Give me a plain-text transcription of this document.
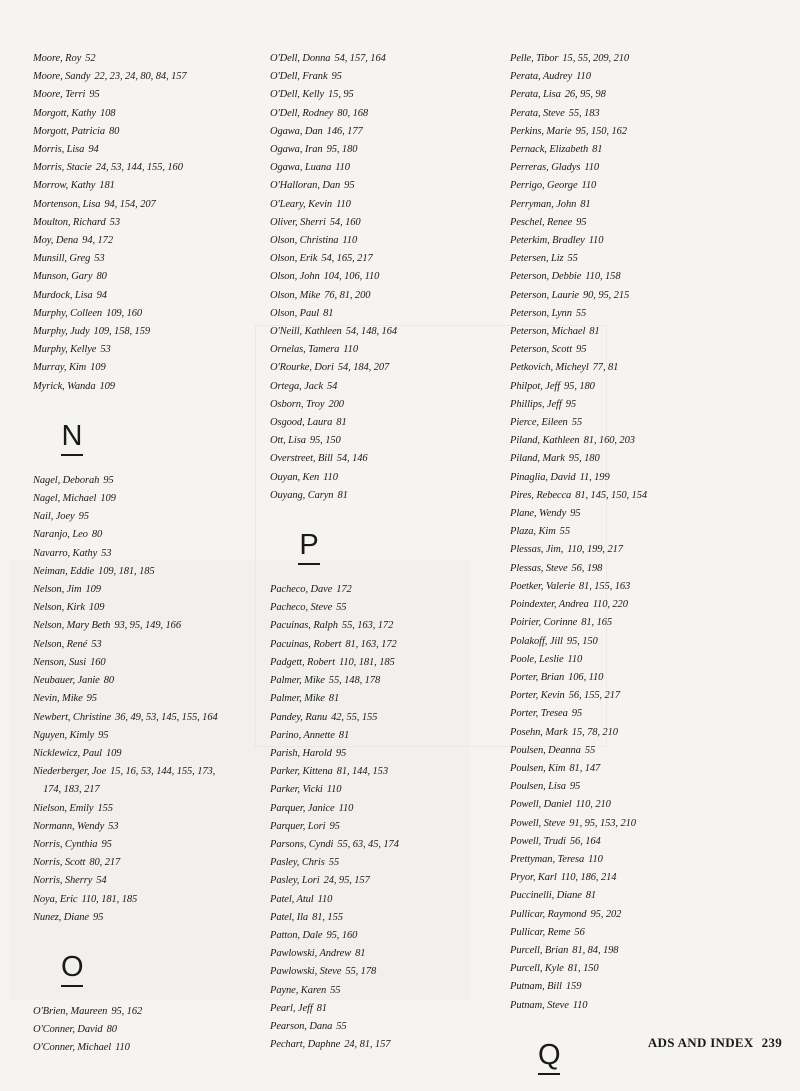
Moore, Roy 52
Moore, Sandy 22, 23, 24, 80, 84, 157
Moore, Terri 95
Morgott, Kathy 108
Morgott, Patricia 80
Morris, Lisa 94
Morris, Stacie 24, 53, 144, 155, 160
Morrow, Kathy 181
Mortenson, Lisa 94, 154, 207
Moulton, Richard 53
Moy, Dena 94, 172
Munsill, Greg 53
Munson, Gary 80
Murdock, Lisa 94
Murphy, Colleen 109, 160
Murphy, Judy 109, 158, 159
Murphy, Kellye 53
Murray, Kim 109
Myrick, Wanda 109
N
Nagel, Deborah 95
Nagel, Michael 109
Nail, Joey 95
Naranjo, Leo 80
Navarro, Kathy 53
Neiman, Eddie 109, 181, 185
Nelson, Jim 109
Nelson, Kirk 109
Nelson, Mary Beth 93, 95, 149, 166
Nelson, René 53
Nenson, Susi 160
Neubauer, Janie 80
Nevin, Mike 95
Newbert, Christine 36, 49, 53, 145, 155, 164
Nguyen, Kimly 95
Nicklewicz, Paul 109
Niederberger, Joe 15, 16, 53, 144, 155, 173,
174, 183, 217
Nielson, Emily 155
Normann, Wendy 53
Norris, Cynthia 95
Norris, Scott 80, 217
Norris, Sherry 54
Noya, Eric 110, 181, 185
Nunez, Diane 95
O
O'Brien, Maureen 95, 162
O'Conner, David 80
O'Conner, Michael 110
O'Dell, Donna 54, 157, 164
O'Dell, Frank 95
O'Dell, Kelly 15, 95
O'Dell, Rodney 80, 168
Ogawa, Dan 146, 177
Ogawa, Iran 95, 180
Ogawa, Luana 110
O'Halloran, Dan 95
O'Leary, Kevin 110
Oliver, Sherri 54, 160
Olson, Christina 110
Olson, Erik 54, 165, 217
Olson, John 104, 106, 110
Olson, Mike 76, 81, 200
Olson, Paul 81
O'Neill, Kathleen 54, 148, 164
Ornelas, Tamera 110
O'Rourke, Dori 54, 184, 207
Ortega, Jack 54
Osborn, Troy 200
Osgood, Laura 81
Ott, Lisa 95, 150
Overstreet, Bill 54, 146
Ouyan, Ken 110
Ouyang, Caryn 81
P
Pacheco, Dave 172
Pacheco, Steve 55
Pacuinas, Ralph 55, 163, 172
Pacuinas, Robert 81, 163, 172
Padgett, Robert 110, 181, 185
Palmer, Mike 55, 148, 178
Palmer, Mike 81
Pandey, Ranu 42, 55, 155
Parino, Annette 81
Parish, Harold 95
Parker, Kittena 81, 144, 153
Parker, Vicki 110
Parquer, Janice 110
Parquer, Lori 95
Parsons, Cyndi 55, 63, 45, 174
Pasley, Chris 55
Pasley, Lori 24, 95, 157
Patel, Atul 110
Patel, Ila 81, 155
Patton, Dale 95, 160
Pawlowski, Andrew 81
Pawlowski, Steve 55, 178
Payne, Karen 55
Pearl, Jeff 81
Pearson, Dana 55
Pechart, Daphne 24, 81, 157
Pelle, Tibor 15, 55, 209, 210
Perata, Audrey 110
Perata, Lisa 26, 95, 98
Perata, Steve 55, 183
Perkins, Marie 95, 150, 162
Pernack, Elizabeth 81
Perreras, Gladys 110
Perrigo, George 110
Perryman, John 81
Peschel, Renee 95
Peterkim, Bradley 110
Petersen, Liz 55
Peterson, Debbie 110, 158
Peterson, Laurie 90, 95, 215
Peterson, Lynn 55
Peterson, Michael 81
Peterson, Scott 95
Petkovich, Micheyl 77, 81
Philpot, Jeff 95, 180
Phillips, Jeff 95
Pierce, Eileen 55
Piland, Kathleen 81, 160, 203
Piland, Mark 95, 180
Pinaglia, David 11, 199
Pires, Rebecca 81, 145, 150, 154
Plane, Wendy 95
Plaza, Kim 55
Plessas, Jim, 110, 199, 217
Plessas, Steve 56, 198
Poetker, Valerie 81, 155, 163
Poindexter, Andrea 110, 220
Poirier, Corinne 81, 165
Polakoff, Jill 95, 150
Poole, Leslie 110
Porter, Brian 106, 110
Porter, Kevin 56, 155, 217
Porter, Tresea 95
Posehn, Mark 15, 78, 210
Poulsen, Deanna 55
Poulsen, Kim 81, 147
Poulsen, Lisa 95
Powell, Daniel 110, 210
Powell, Steve 91, 95, 153, 210
Powell, Trudi 56, 164
Prettyman, Teresa 110
Pryor, Karl 110, 186, 214
Puccinelli, Diane 81
Pullicar, Raymond 95, 202
Pullicar, Reme 56
Purcell, Brian 81, 84, 198
Purcell, Kyle 81, 150
Putnam, Bill 159
Putnam, Steve 110
Q	ADS AND INDEX 239
